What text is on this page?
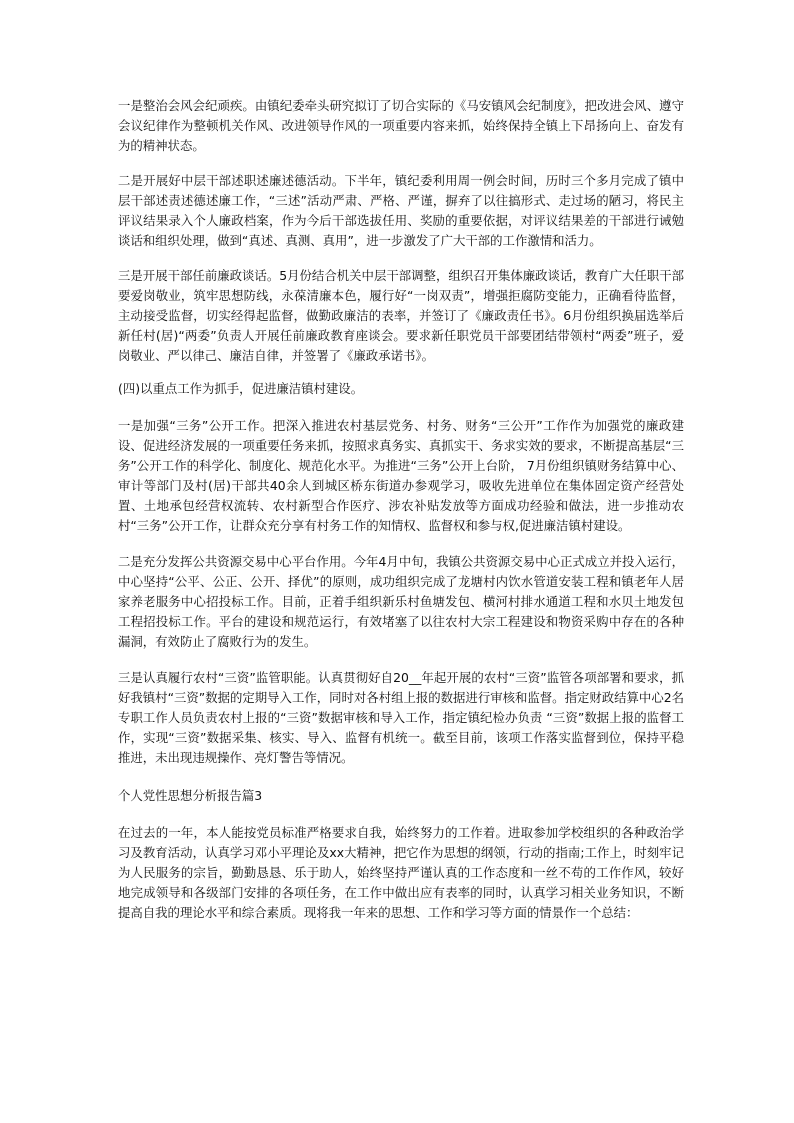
一是整治会风会纪顽疾。由镇纪委牵头研究拟订了切合实际的《马安镇风会纪制度》，把改进会风、遵守会议纪律作为整顿机关作风、改进领导作风的一项重要内容来抓，始终保持全镇上下昂扬向上、奋发有为的精神状态。

二是开展好中层干部述职述廉述德活动。下半年，镇纪委利用周一例会时间，历时三个多月完成了镇中层干部述责述德述廉工作，“三述”活动严肃、严格、严谨，摒弃了以往搞形式、走过场的陋习，将民主评议结果录入个人廉政档案，作为今后干部选拔任用、奖励的重要依据，对评议结果差的干部进行诫勉谈话和组织处理，做到“真述、真测、真用”，进一步激发了广大干部的工作激情和活力。

三是开展干部任前廉政谈话。5月份结合机关中层干部调整，组织召开集体廉政谈话，教育广大任职干部要爱岗敬业，筑牢思想防线，永葆清廉本色，履行好“一岗双责”，增强拒腐防变能力，正确看待监督，主动接受监督，切实经得起监督，做勤政廉洁的表率，并签订了《廉政责任书》。6月份组织换届选举后新任村(居)“两委”负责人开展任前廉政教育座谈会。要求新任职党员干部要团结带领村“两委”班子，爱岗敬业、严以律己、廉洁自律，并签署了《廉政承诺书》。

(四)以重点工作为抓手，促进廉洁镇村建设。

一是加强“三务”公开工作。把深入推进农村基层党务、村务、财务“三公开”工作作为加强党的廉政建设、促进经济发展的一项重要任务来抓，按照求真务实、真抓实干、务求实效的要求，不断提高基层“三务”公开工作的科学化、制度化、规范化水平。为推进“三务”公开上台阶， 7月份组织镇财务结算中心、审计等部门及村(居)干部共40余人到城区桥东街道办参观学习，吸收先进单位在集体固定资产经营处置、土地承包经营权流转、农村新型合作医疗、涉农补贴发放等方面成功经验和做法，进一步推动农村“三务”公开工作，让群众充分享有村务工作的知情权、监督权和参与权,促进廉洁镇村建设。

二是充分发挥公共资源交易中心平台作用。今年4月中旬，我镇公共资源交易中心正式成立并投入运行，中心坚持“公平、公正、公开、择优”的原则，成功组织完成了龙塘村内饮水管道安装工程和镇老年人居家养老服务中心招投标工作。目前，正着手组织新乐村鱼塘发包、横河村排水通道工程和水贝土地发包工程招投标工作。平台的建设和规范运行，有效堵塞了以往农村大宗工程建设和物资采购中存在的各种漏洞，有效防止了腐败行为的发生。

三是认真履行农村“三资”监管职能。认真贯彻好自20__年起开展的农村“三资”监管各项部署和要求，抓好我镇村“三资”数据的定期导入工作，同时对各村组上报的数据进行审核和监督。指定财政结算中心2名专职工作人员负责农村上报的“三资”数据审核和导入工作，指定镇纪检办负责 “三资”数据上报的监督工作，实现“三资”数据采集、核实、导入、监督有机统一。截至目前，该项工作落实监督到位，保持平稳推进，未出现违规操作、亮灯警告等情况。

个人党性思想分析报告篇3

在过去的一年，本人能按党员标准严格要求自我，始终努力的工作着。进取参加学校组织的各种政治学习及教育活动，认真学习邓小平理论及xx大精神，把它作为思想的纲领，行动的指南;工作上，时刻牢记为人民服务的宗旨，勤勤恳恳、乐于助人，始终坚持严谨认真的工作态度和一丝不苟的工作作风，较好地完成领导和各级部门安排的各项任务，在工作中做出应有表率的同时，认真学习相关业务知识，不断提高自我的理论水平和综合素质。现将我一年来的思想、工作和学习等方面的情景作一个总结：
